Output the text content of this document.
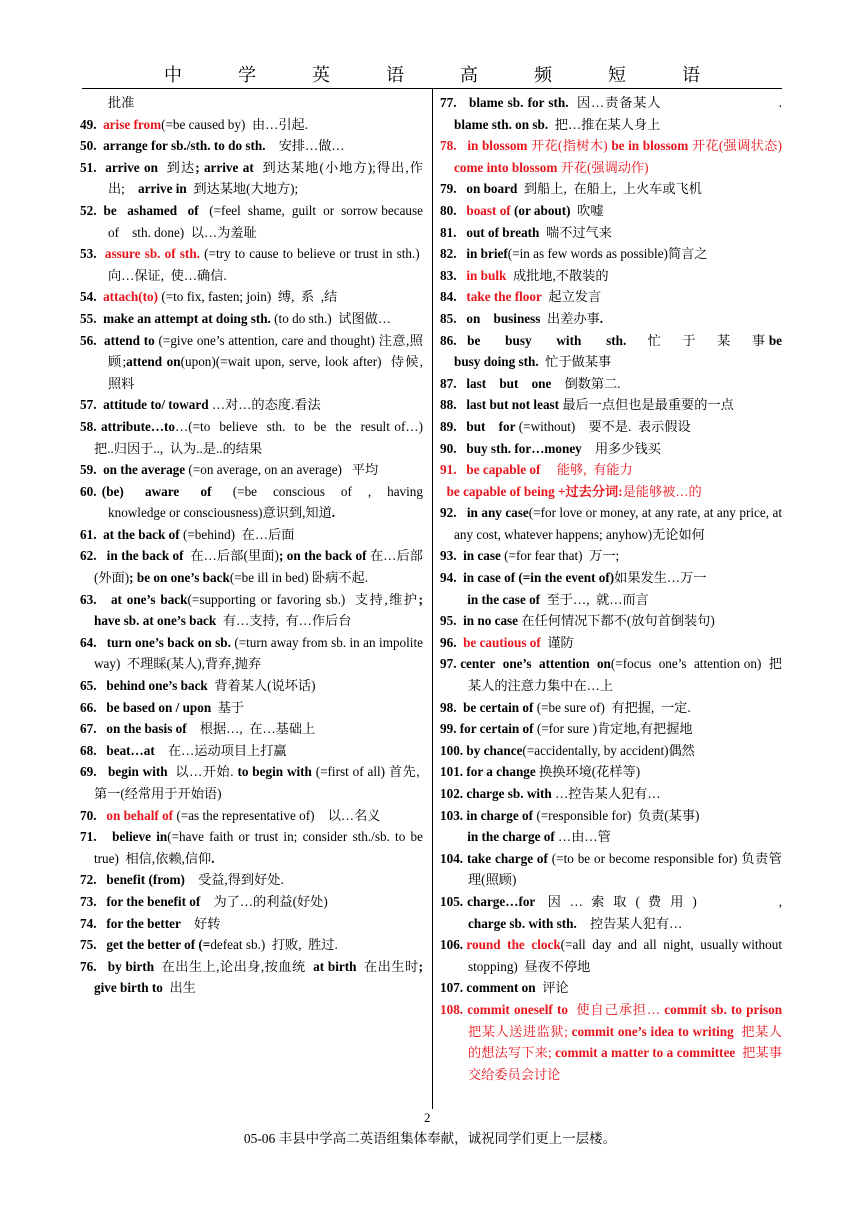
中 学 英 语 高 频 短 语
批准
49.  arise from(=be caused by)  由…引起.
50.  arrange for sb./sth. to do sth.    安排…做…
51.  arrive on  到达; arrive at  到达某地(小地方);得出,作出;    arrive in  到达某地(大地方);
52.  be   ashamed   of   (=feel  shame,  guilt  or  sorrow because of    sth. done)  以…为羞耻
53.  assure sb. of sth. (=try to cause to believe or trust in sth.)  向…保证,  使…确信.
54.  attach(to) (=to fix, fasten; join)  缚,  系  ,结
55.  make an attempt at doing sth. (to do sth.)  试图做…
56.  attend to (=give one’s attention, care and thought) 注意,照顾;attend on(upon)(=wait upon, serve, look after)  侍候,照料
57.  attitude to/ toward …对…的态度.看法
58. attribute…to…(=to  believe  sth.  to  be  the  result of…)把..归因于..,  认为..是..的结果
59.  on the average (=on average, on an average)   平均
60. (be)    aware    of    (=be   conscious   of   ,   having knowledge or consciousness)意识到,知道.
61.  at the back of (=behind)  在…后面
62.   in the back of  在…后部(里面); on the back of 在…后部(外面); be on one’s back(=be ill in bed) 卧病不起.
63.   at one’s back(=supporting or favoring sb.)  支持,维护; have sb. at one’s back  有…支持,  有…作后台
64.   turn one’s back on sb. (=turn away from sb. in an impolite way)  不理睬(某人),背弃,抛弃
65.   behind one’s back  背着某人(说坏话)
66.   be based on / upon  基于
67.   on the basis of    根据…,  在…基础上
68.   beat…at    在…运动项目上打赢
69.   begin with  以…开始. to begin with (=first of all) 首先,  第一(经常用于开始语)
70.   on behalf of (=as the representative of)    以…名义
71.   believe in(=have faith or trust in; consider sth./sb. to be true)  相信,依赖,信仰.
72.   benefit (from)    受益,得到好处.
73.   for the benefit of    为了…的利益(好处)
74.   for the better    好转
75.   get the better of (=defeat sb.)  打败,  胜过.
76.   by birth  在出生上,论出身,按血统  at birth  在出生时; give birth to  出生
77.   blame sb. for sth.  因…责备某人                            . blame sth. on sb.  把…推在某人身上
78.   in blossom 开花(指树木) be in blossom 开花(强调状态) come into blossom 开花(强调动作)
79.   on board  到船上,  在船上,  上火车或飞机
80.   boast of (or about)  吹嘘
81.   out of breath  喘不过气来
82.   in brief(=in as few words as possible)简言之
83.   in bulk  成批地,不散装的
84.   take the floor  起立发言
85.   on    business  出差办事.
86.   be       busy       with       sth.      忙      于      某      事 be busy doing sth.  忙于做某事
87.   last    but    one    倒数第二.
88.   last but not least 最后一点但也是最重要的一点
89.   but    for (=without)    要不是.  表示假设
90.   buy sth. for…money    用多少钱买
91.   be capable of     能够,  有能力
be capable of being +过去分词:是能够被…的
92.   in any case(=for love or money, at any rate, at any price, at any cost, whatever happens; anyhow)无论如何
93.  in case (=for fear that)  万一;
94.  in case of (=in the event of)如果发生…万一
in the case of  至于…,  就…而言
95.  in no case 在任何情况下都不(放句首倒装句)
96.  be cautious of  谨防
97. center  one’s  attention  on(=focus  one’s  attention on)  把某人的注意力集中在…上
98.  be certain of (=be sure of)  有把握,  一定.
99. for certain of (=for sure )肯定地,有把握地
100. by chance(=accidentally, by accident)偶然
101. for a change 换换环境(花样等)
102. charge sb. with …控告某人犯有…
103. in charge of (=responsible for)  负责(某事)
in the charge of …由…管
104. take charge of (=to be or become responsible for) 负责管理(照顾)
105. charge…for   因  …  索  取  (  费  用  )                    , charge sb. with sth.    控告某人犯有…
106. round  the  clock(=all  day  and  all  night,  usually without stopping)  昼夜不停地
107. comment on  评论
108. commit oneself to 使自己承担… commit sb. to prison 把某人送进监狱; commit one’s idea to writing 把某人的想法写下来; commit a matter to a committee 把某事交给委员会讨论
2
05-06 丰县中学高二英语组集体奉献，诚祝同学们更上一层楼。
